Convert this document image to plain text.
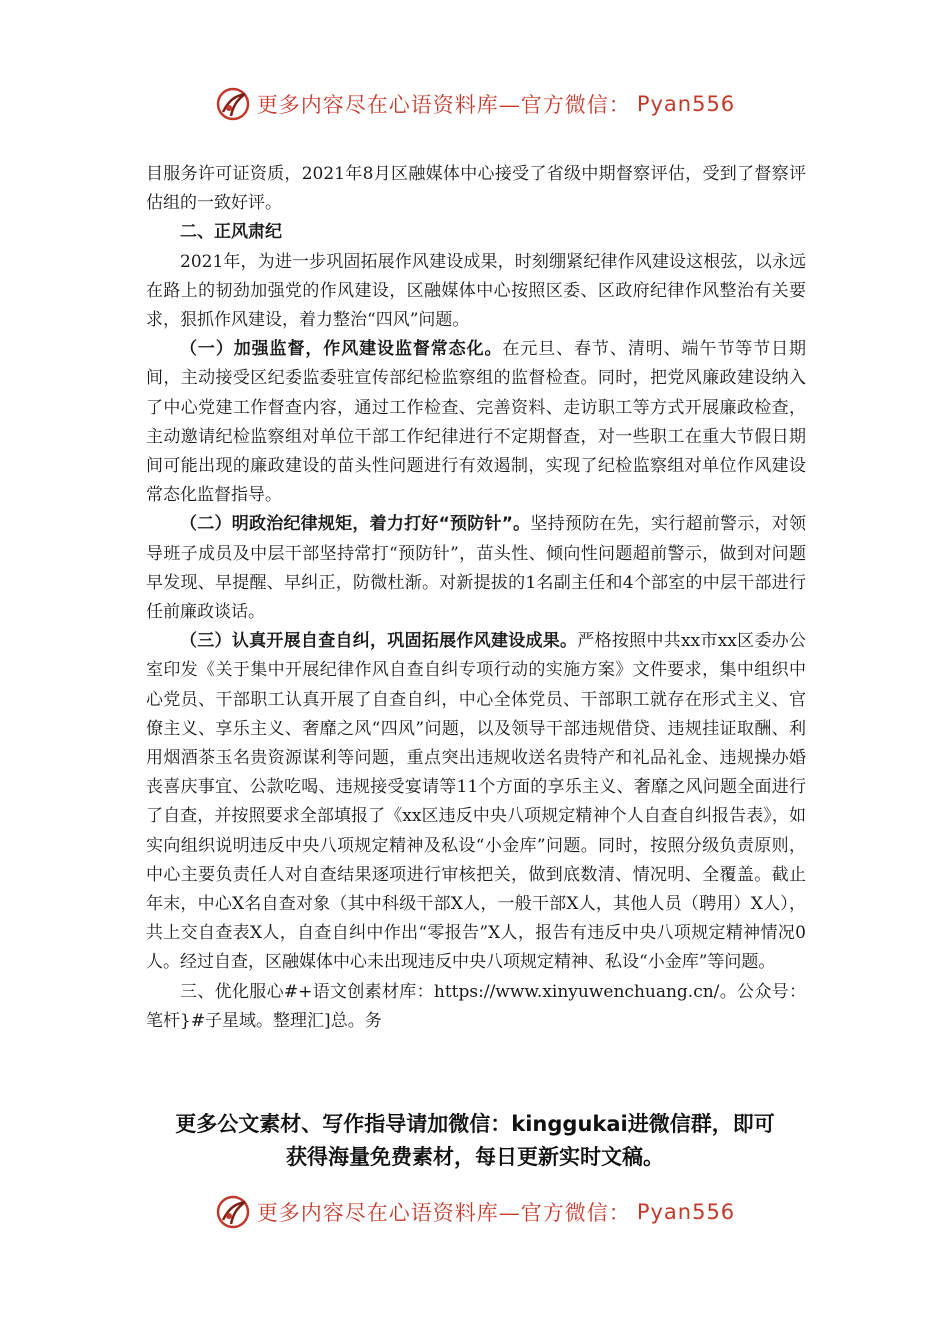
更多内容尽在心语资料库—官方微信： Pyan556

目服务许可证资质，2021年8月区融媒体中心接受了省级中期督察评估，受到了督察评估组的一致好评。

二、正风肃纪

2021年，为进一步巩固拓展作风建设成果，时刻绷紧纪律作风建设这根弦，以永远在路上的韧劲加强党的作风建设，区融媒体中心按照区委、区政府纪律作风整治有关要求，狠抓作风建设，着力整治“四风”问题。

（一）加强监督，作风建设监督常态化。在元旦、春节、清明、端午节等节日期间，主动接受区纪委监委驻宣传部纪检监察组的监督检查。同时，把党风廉政建设纳入了中心党建工作督查内容，通过工作检查、完善资料、走访职工等方式开展廉政检查，主动邀请纪检监察组对单位干部工作纪律进行不定期督查，对一些职工在重大节假日期间可能出现的廉政建设的苗头性问题进行有效遏制，实现了纪检监察组对单位作风建设常态化监督指导。

（二）明政治纪律规矩，着力打好“预防针”。坚持预防在先，实行超前警示，对领导班子成员及中层干部坚持常打“预防针”，苗头性、倾向性问题超前警示，做到对问题早发现、早提醒、早纠正，防微杜渐。对新提拔的1名副主任和4个部室的中层干部进行任前廉政谈话。

（三）认真开展自查自纠，巩固拓展作风建设成果。严格按照中共xx市xx区委办公室印发《关于集中开展纪律作风自查自纠专项行动的实施方案》文件要求，集中组织中心党员、干部职工认真开展了自查自纠，中心全体党员、干部职工就存在形式主义、官僚主义、享乐主义、奢靡之风“四风”问题，以及领导干部违规借贷、违规挂证取酬、利用烟酒茶玉名贵资源谋利等问题，重点突出违规收送名贵特产和礼品礼金、违规操办婚丧喜庆事宜、公款吃喝、违规接受宴请等11个方面的享乐主义、奢靡之风问题全面进行了自查，并按照要求全部填报了《xx区违反中央八项规定精神个人自查自纠报告表》，如实向组织说明违反中央八项规定精神及私设“小金库”问题。同时，按照分级负责原则，中心主要负责任人对自查结果逐项进行审核把关，做到底数清、情况明、全覆盖。截止年末，中心X名自查对象（其中科级干部X人，一般干部X人，其他人员（聘用）X人），共上交自查表X人，自查自纠中作出“零报告”X人，报告有违反中央八项规定精神情况0人。经过自查，区融媒体中心未出现违反中央八项规定精神、私设“小金库”等问题。

三、优化服心#+语文创素材库：https://www.xinyuwenchuang.cn/。公众号：笔杆}#子星域。整理汇]总。务

更多公文素材、写作指导请加微信：kinggukai进微信群，即可
获得海量免费素材，每日更新实时文稿。
更多内容尽在心语资料库—官方微信： Pyan556
